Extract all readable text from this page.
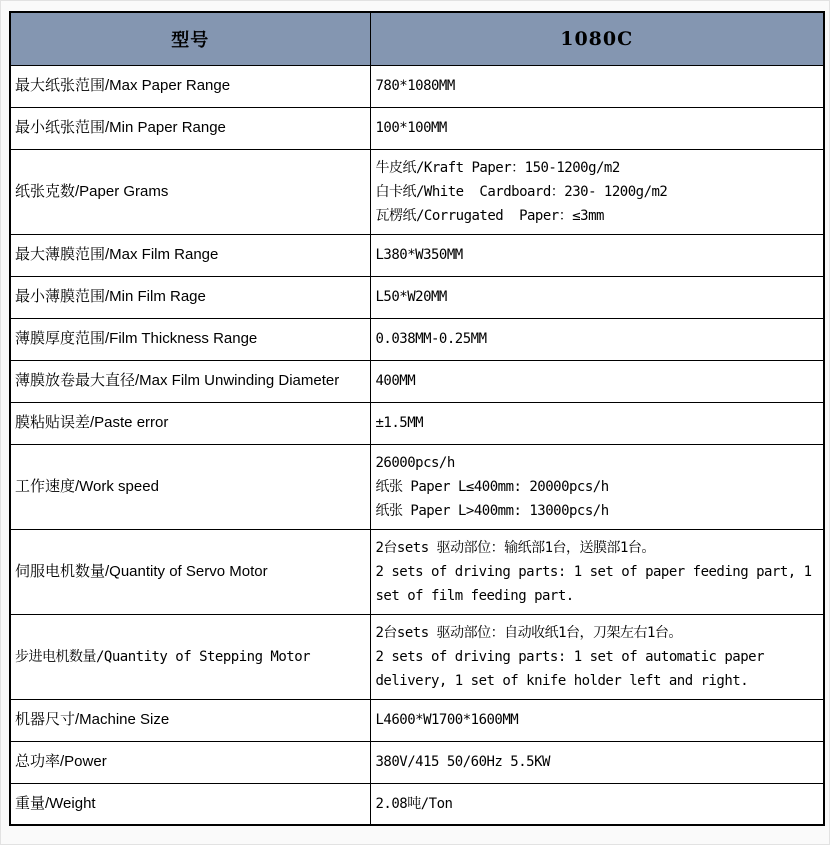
型号	1080C
最大纸张范围/Max Paper Range	780*1080MM

最小纸张范围/Min Paper Range	100*100MM

纸张克数/Paper Grams	牛皮纸/Kraft Paper：150-1200g/m2
白卡纸/White  Cardboard：230- 1200g/m2
瓦楞纸/Corrugated  Paper：≤3mm

最大薄膜范围/Max Film Range	L380*W350MM

最小薄膜范围/Min Film Rage	L50*W20MM

薄膜厚度范围/Film Thickness Range	0.038MM-0.25MM

薄膜放卷最大直径/Max Film Unwinding Diameter	400MM

膜粘贴误差/Paste error	±1.5MM

工作速度/Work speed	26000pcs/h
纸张 Paper L≤400mm: 20000pcs/h
纸张 Paper L>400mm: 13000pcs/h

伺服电机数量/Quantity of Servo Motor	2台sets 驱动部位：输纸部1台，送膜部1台。
2 sets of driving parts: 1 set of paper feeding part, 1 set of film feeding part.

步进电机数量/Quantity of Stepping Motor	2台sets 驱动部位：自动收纸1台，刀架左右1台。
2 sets of driving parts: 1 set of automatic paper delivery, 1 set of knife holder left and right.

机器尺寸/Machine Size	L4600*W1700*1600MM

总功率/Power	380V/415 50/60Hz 5.5KW

重量/Weight	2.08吨/Ton
